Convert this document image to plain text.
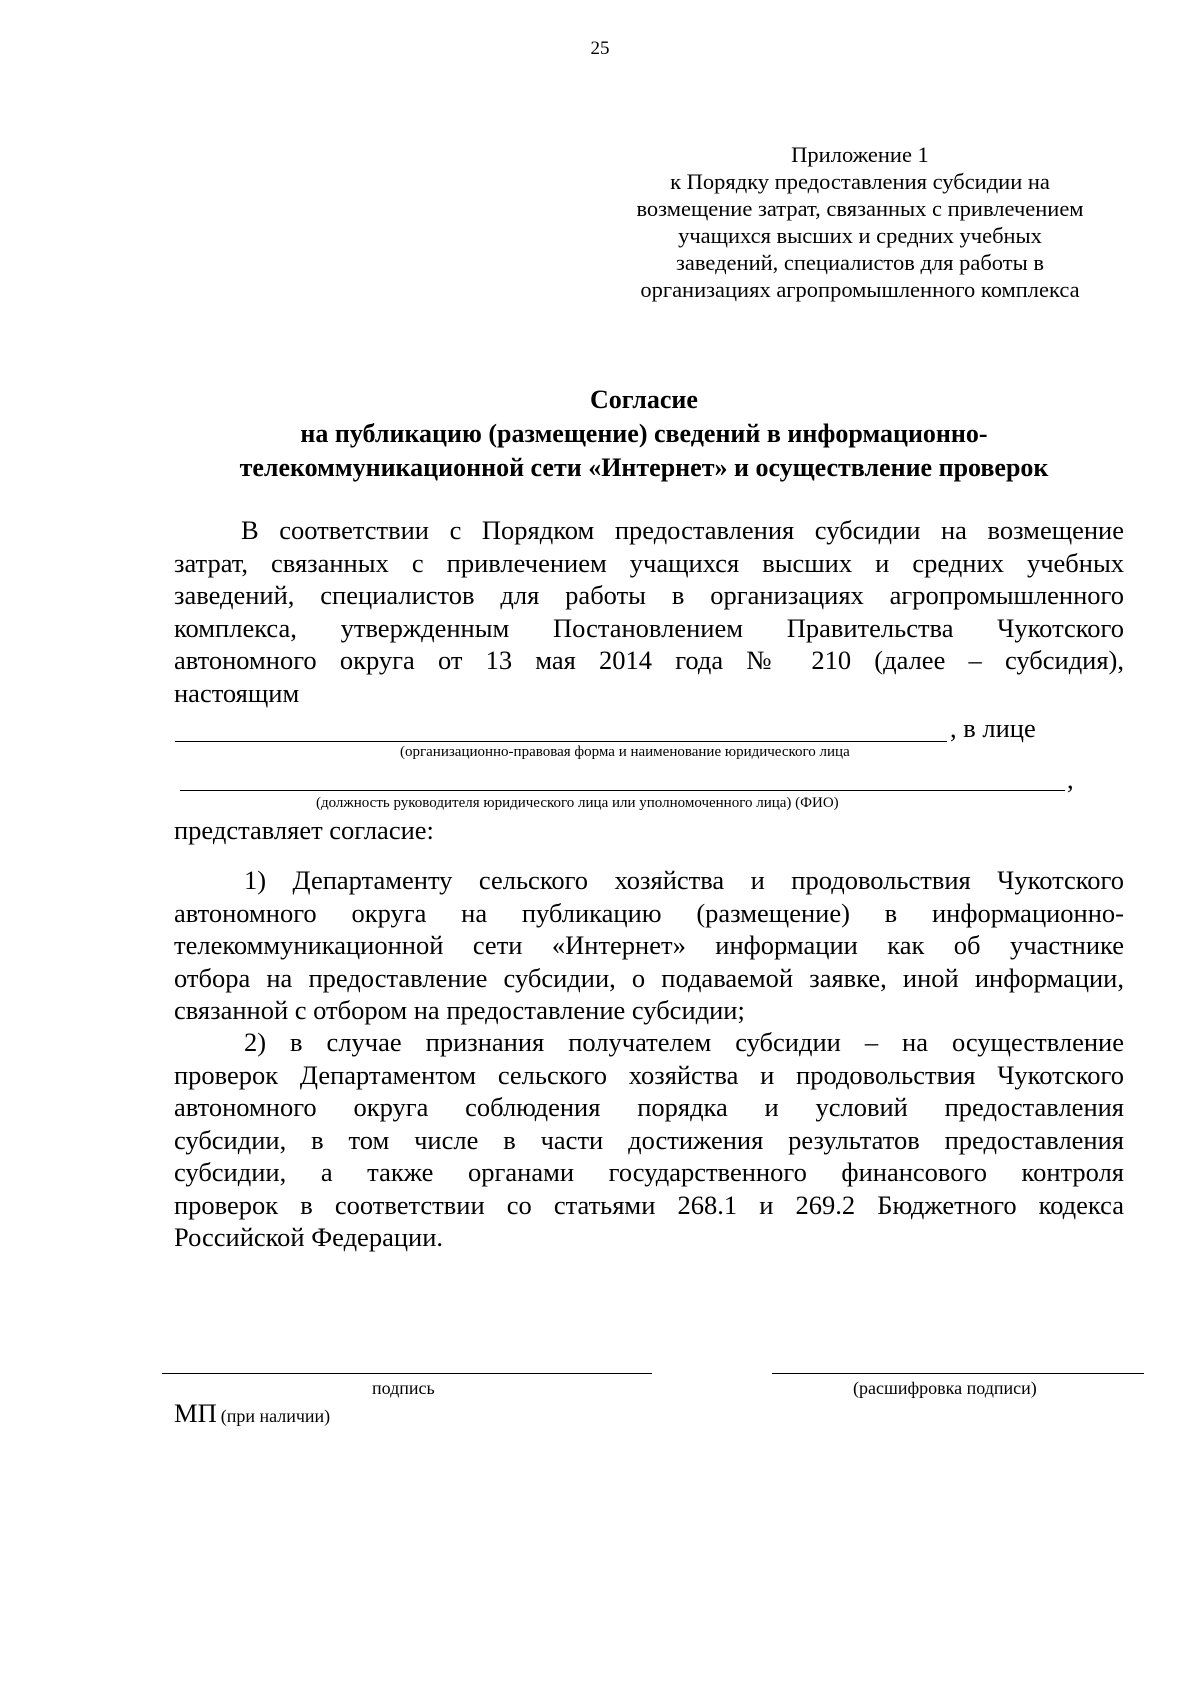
25
Приложение 1
к Порядку предоставления субсидии на
возмещение затрат, связанных с привлечением
учащихся высших и средних учебных
заведений, специалистов для работы в
организациях агропромышленного комплекса
Согласие
на публикацию (размещение) сведений в информационно-
телекоммуникационной сети «Интернет» и осуществление проверок
В соответствии с Порядком предоставления субсидии на возмещение
затрат, связанных с привлечением учащихся высших и средних учебных
заведений, специалистов для работы в организациях агропромышленного
комплекса, утвержденным Постановлением Правительства Чукотского
автономного округа от 13 мая 2014 года № 210 (далее – субсидия),
настоящим
, в лице
(организационно-правовая форма и наименование юридического лица
,
(должность руководителя юридического лица или уполномоченного лица) (ФИО)
представляет согласие:
1) Департаменту сельского хозяйства и продовольствия Чукотского
автономного округа на публикацию (размещение) в информационно-
телекоммуникационной сети «Интернет» информации как об участнике
отбора на предоставление субсидии, о подаваемой заявке, иной информации,
связанной с отбором на предоставление субсидии;
2) в случае признания получателем субсидии – на осуществление
проверок Департаментом сельского хозяйства и продовольствия Чукотского
автономного округа соблюдения порядка и условий предоставления
субсидии, в том числе в части достижения результатов предоставления
субсидии, а также органами государственного финансового контроля
проверок в соответствии со статьями 268.1 и 269.2 Бюджетного кодекса
Российской Федерации.
подпись	(расшифровка подписи)
МП (при наличии)
